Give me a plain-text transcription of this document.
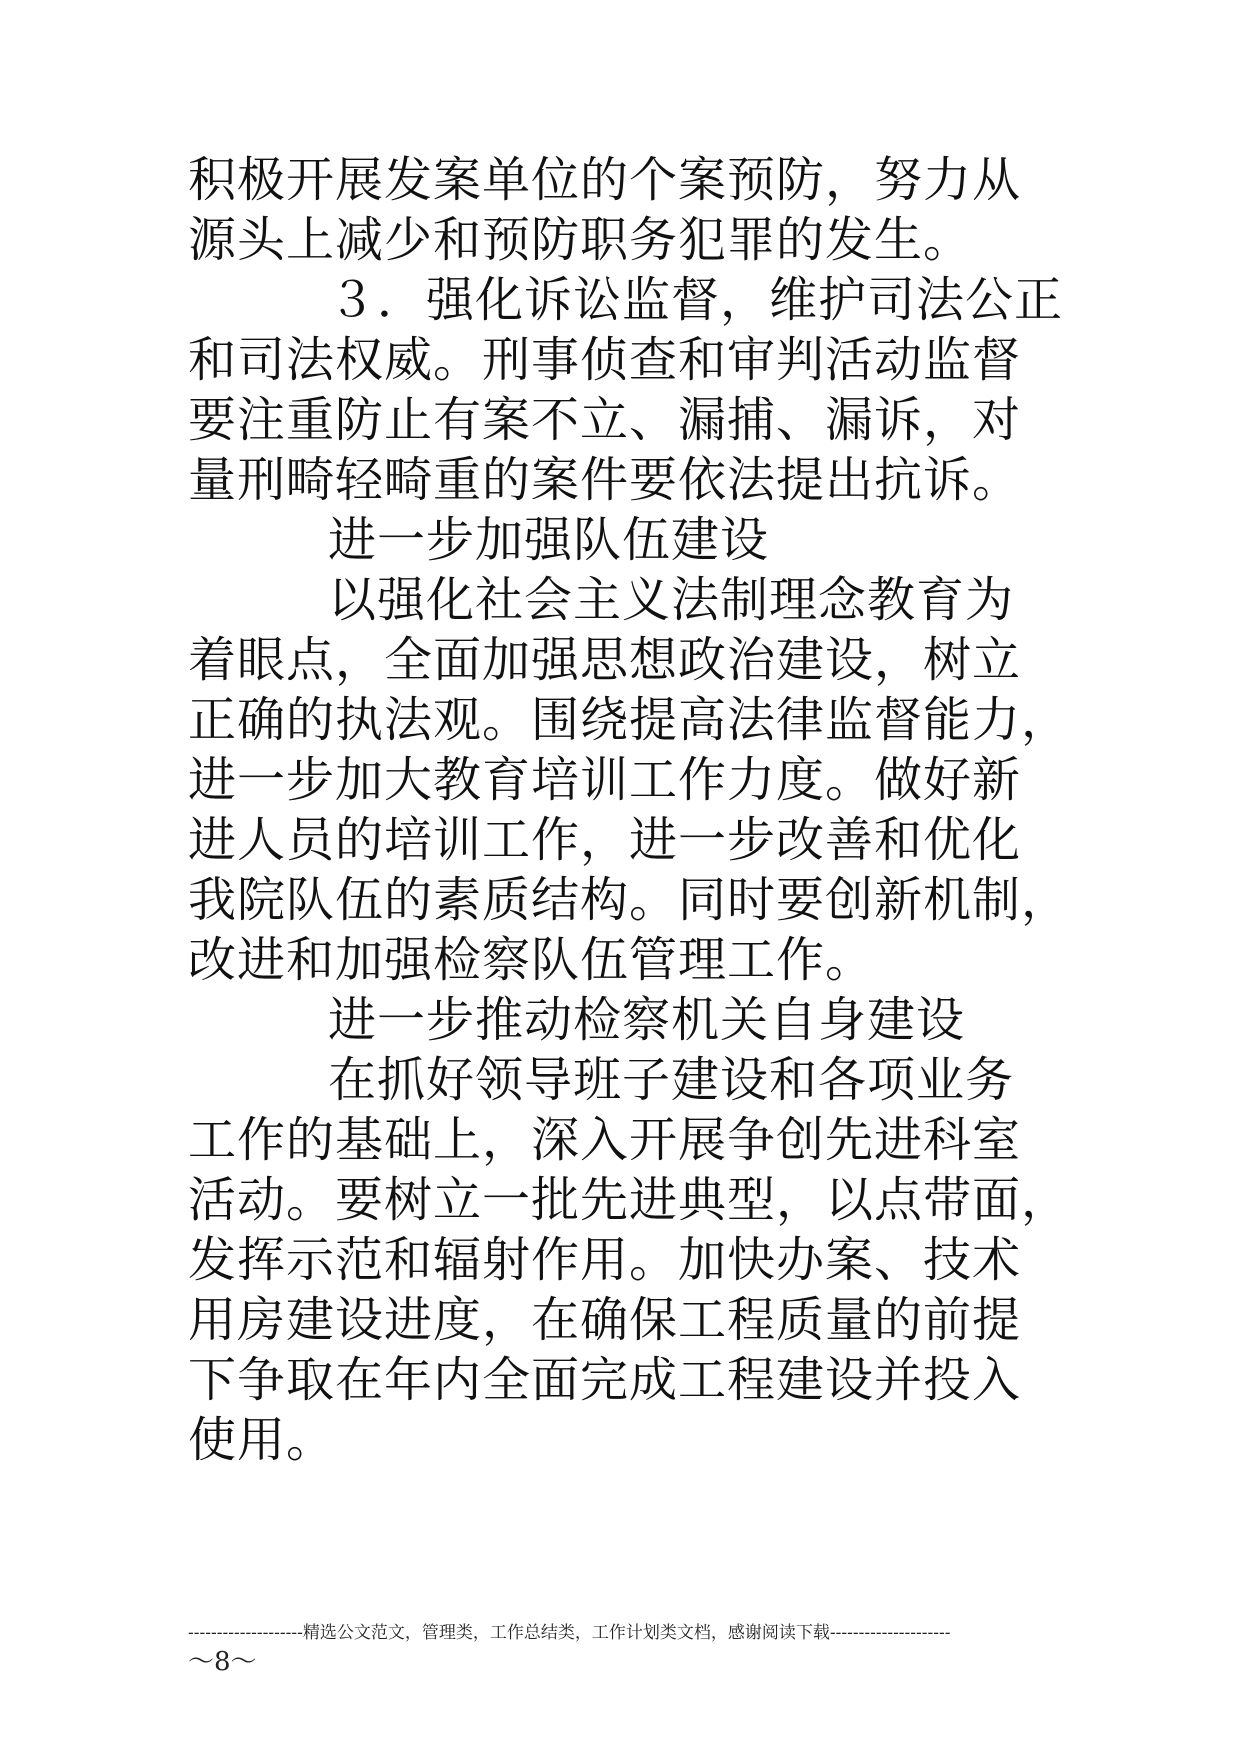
积极开展发案单位的个案预防，努力从
源头上减少和预防职务犯罪的发生。
３．强化诉讼监督，维护司法公正
和司法权威。刑事侦查和审判活动监督
要注重防止有案不立、漏捕、漏诉，对
量刑畸轻畸重的案件要依法提出抗诉。
进一步加强队伍建设
以强化社会主义法制理念教育为
着眼点，全面加强思想政治建设，树立
正确的执法观。围绕提高法律监督能力，
进一步加大教育培训工作力度。做好新
进人员的培训工作，进一步改善和优化
我院队伍的素质结构。同时要创新机制，
改进和加强检察队伍管理工作。
进一步推动检察机关自身建设
在抓好领导班子建设和各项业务
工作的基础上，深入开展争创先进科室
活动。要树立一批先进典型，以点带面，
发挥示范和辐射作用。加快办案、技术
用房建设进度，在确保工程质量的前提
下争取在年内全面完成工程建设并投入
使用。
--------------------精选公文范文，管理类，工作总结类，工作计划类文档，感谢阅读下载---------------------
～8～
